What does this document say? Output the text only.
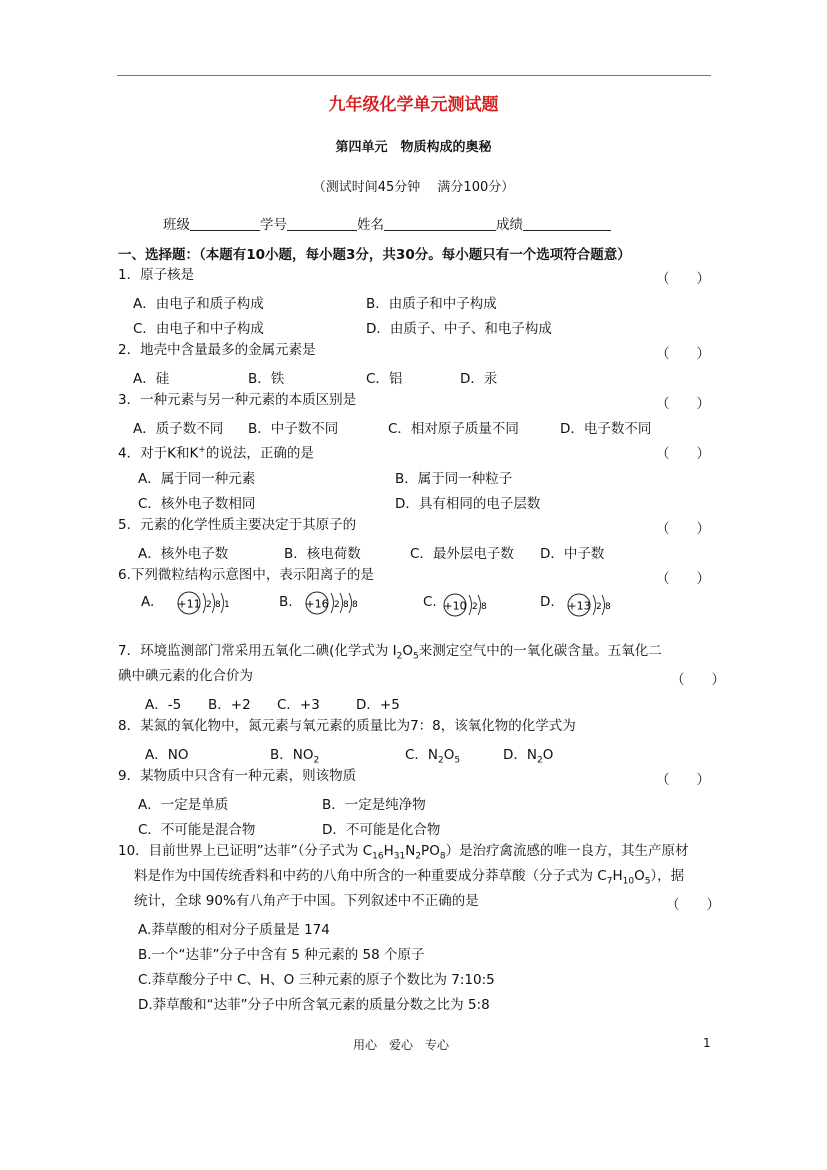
九年级化学单元测试题
第四单元　物质构成的奥秘
（测试时间45分钟　 满分100分）
班级	学号	姓名	成绩
一、选择题：（本题有10小题，每小题3分，共30分。每小题只有一个选项符合题意）
1．原子核是	（　　）
A．由电子和质子构成	B．由质子和中子构成
C．由电子和中子构成	D．由质子、中子、和电子构成
2．地壳中含量最多的金属元素是	（　　）
A．硅	B．铁	C．铝	D．汞
3．一种元素与另一种元素的本质区别是	（　　）
A．质子数不同 B．中子数不同	C．相对原子质量不同	D．电子数不同
4．对于K和K+的说法，正确的是	（　　）
A．属于同一种元素	B．属于同一种粒子
C．核外电子数相同	D．具有相同的电子层数
5．元素的化学性质主要决定于其原子的	（　　）
A．核外电子数	B．核电荷数	C．最外层电子数 D．中子数
6.下列微粒结构示意图中，表示阳离子的是	（　　）
A.	B.	C.	D.
+11 2 8 1	+16 2 8 8	+10 2 8	+13 2 8
7．环境监测部门常采用五氧化二碘(化学式为 $I_2O_5$来测定空气中的一氧化碳含量。五氧化二
碘中碘元素的化合价为	（　　）
A．-5 B．+2 C．+3	D．+5
8．某氮的氧化物中，氮元素与氧元素的质量比为7：8，该氧化物的化学式为
A．NO	B．$NO_2$	C．$N_2O_5$	D．$N_2O$
9．某物质中只含有一种元素，则该物质	（　　）
A．一定是单质	B．一定是纯净物
C．不可能是混合物	D．不可能是化合物
10．目前世界上已证明”达菲”（分子式为 $C_{16}H_{31}N_2PO_8$）是治疗禽流感的唯一良方，其生产原材
料是作为中国传统香料和中药的八角中所含的一种重要成分莽草酸（分子式为 $C_7H_{10}O_5$），据
统计，全球 90%有八角产于中国。下列叙述中不正确的是	（　　）
A.莽草酸的相对分子质量是 174
B.一个“达菲”分子中含有 5 种元素的 58 个原子
C.莽草酸分子中 C、H、O 三种元素的原子个数比为 7:10:5
D.莽草酸和“达菲”分子中所含氧元素的质量分数之比为 5:8
用心　爱心　专心	1
